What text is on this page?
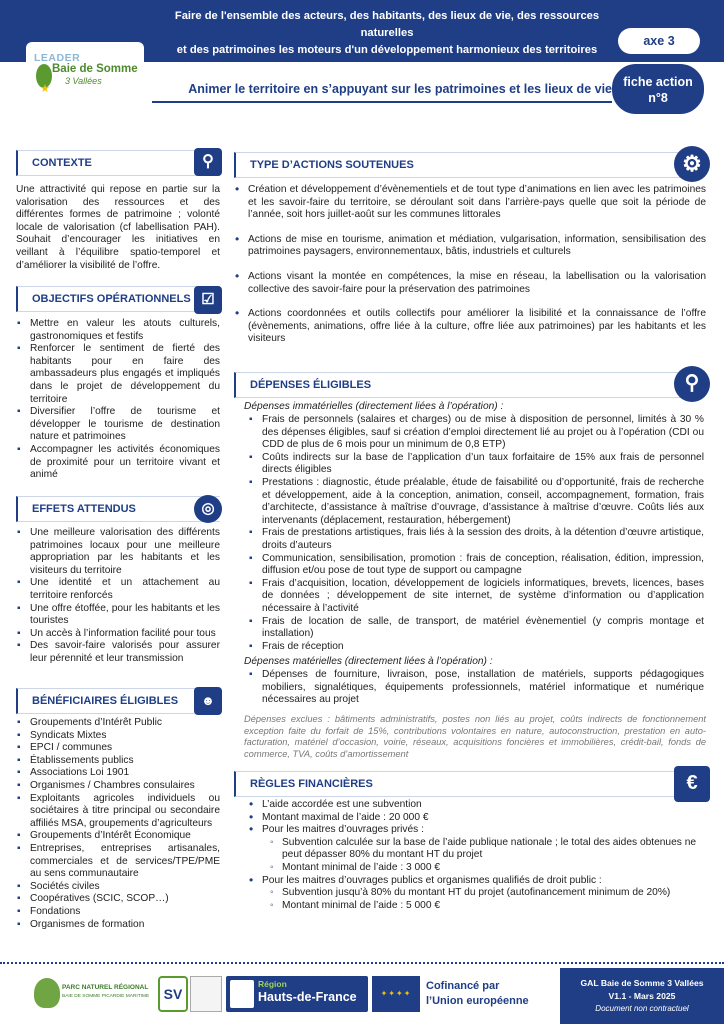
Faire de l'ensemble des acteurs, des habitants, des lieux de vie, des ressources naturelles
et des patrimoines les moteurs d'un développement harmonieux des territoires
axe 3
LEADER
Baie de Somme
3 Vallées
★	Animer le territoire en s’appuyant sur les patrimoines et les lieux de vie fiche action
n°8
CONTEXTE	⚲
Une attractivité qui repose en partie sur la valorisation des ressources et des différentes formes de patrimoine ; volonté locale de valorisation (cf labellisation PAH). Souhait d’encourager les initiatives en veillant à l’équilibre spatio-temporel et d’améliorer la visibilité de l’offre.
OBJECTIFS OPÉRATIONNELS ☑
▪ Mettre en valeur les atouts culturels, gastronomiques et festifs
▪ Renforcer le sentiment de fierté des habitants pour en faire des ambassadeurs plus engagés et impliqués dans le projet de développement du territoire
▪ Diversifier l’offre de tourisme et développer le tourisme de destination nature et patrimoines
▪ Accompagner les activités économiques de proximité pour un territoire vivant et animé
EFFETS ATTENDUS	◎
▪ Une meilleure valorisation des différents patrimoines locaux pour une meilleure appropriation par les habitants et les visiteurs du territoire
▪ Une identité et un attachement au territoire renforcés
▪ Une offre étoffée, pour les habitants et les touristes
▪ Un accès à l’information facilité pour tous
▪ Des savoir-faire valorisés pour assurer leur pérennité et leur transmission
BÉNÉFICIAIRES ÉLIGIBLES	☻
▪ Groupements d’Intérêt Public
▪ Syndicats Mixtes
▪ EPCI / communes
▪ Établissements publics
▪ Associations Loi 1901
▪ Organismes / Chambres consulaires
▪ Exploitants agricoles individuels ou sociétaires à titre principal ou secondaire affiliés MSA, groupements d’agriculteurs
▪ Groupements d’Intérêt Économique
▪ Entreprises, entreprises artisanales, commerciales et de services/TPE/PME au sens communautaire
▪ Sociétés civiles
▪ Coopératives (SCIC, SCOP…)
▪ Fondations
▪ Organismes de formation
TYPE D’ACTIONS SOUTENUES	⚙
• Création et développement d’évènementiels et de tout type d’animations en lien avec les patrimoines et les savoir-faire du territoire, se déroulant soit dans l’arrière-pays quelle que soit la période de l’année, soit hors juillet-août sur les communes littorales
• Actions de mise en tourisme, animation et médiation, vulgarisation, information, sensibilisation des patrimoines paysagers, environnementaux, bâtis, industriels et culturels
• Actions visant la montée en compétences, la mise en réseau, la labellisation ou la valorisation collective des savoir-faire pour la préservation des patrimoines
• Actions coordonnées et outils collectifs pour améliorer la lisibilité et la connaissance de l’offre (évènements, animations, offre liée à la culture, offre liée aux patrimoines) par les habitants et les visiteurs
DÉPENSES ÉLIGIBLES	⚲
Dépenses immatérielles (directement liées à l’opération) :
▪ Frais de personnels (salaires et charges) ou de mise à disposition de personnel, limités à 30 % des dépenses éligibles, sauf si création d’emploi directement lié au projet ou à l’opération (CDI ou CDD de plus de 6 mois pour un minimum de 0,8 ETP)
▪ Coûts indirects sur la base de l’application d’un taux forfaitaire de 15% aux frais de personnel directs éligibles
▪ Prestations : diagnostic, étude préalable, étude de faisabilité ou d’opportunité, frais de recherche et développement, aide à la conception, animation, conseil, accompagnement, formation, frais d’architecte, d’assistance à maîtrise d’ouvrage, d’assistance à maîtrise d’œuvre. Coûts liés aux intervenants (déplacement, restauration, hébergement)
▪ Frais de prestations artistiques, frais liés à la session des droits, à la détention d’œuvre artistique, droits d’auteurs
▪ Communication, sensibilisation, promotion : frais de conception, réalisation, édition, impression, diffusion et/ou pose de tout type de support ou campagne
▪ Frais d’acquisition, location, développement de logiciels informatiques, brevets, licences, bases de données ; développement de site internet, de système d’information ou d’application nécessaire à l’activité
▪ Frais de location de salle, de transport, de matériel évènementiel (y compris montage et installation)
▪ Frais de réception
Dépenses matérielles (directement liées à l’opération) :
▪ Dépenses de fourniture, livraison, pose, installation de matériels, supports pédagogiques mobiliers, signalétiques, équipements professionnels, matériel informatique et numérique nécessaires au projet
Dépenses exclues : bâtiments administratifs, postes non liés au projet, coûts indirects de fonctionnement exception faite du forfait de 15%, contributions volontaires en nature, autoconstruction, prestation en auto-facturation, matériel d’occasion, voirie, réseaux, acquisitions foncières et immobilières, crédit-bail, fonds de commerce, TVA, coûts d’amortissement
RÈGLES FINANCIÈRES	€
• L’aide accordée est une subvention
• Montant maximal de l’aide : 20 000 €
• Pour les maitres d’ouvrages privés :
◦ Subvention calculée sur la base de l’aide publique nationale ; le total des aides obtenues ne peut dépasser 80% du montant HT du projet
◦ Montant minimal de l’aide : 3 000 €
• Pour les maitres d’ouvrages publics et organismes qualifiés de droit public :
◦ Subvention jusqu’à 80% du montant HT du projet (autofinancement minimum de 20%)
◦ Montant minimal de l’aide : 5 000 €
PARC NATUREL RÉGIONAL
BAIE DE SOMME PICARDIE MARITIME	SV
Région
Hauts-de-France	✦✦✦✦
Cofinancé par
l’Union européenne
GAL Baie de Somme 3 Vallées
V1.1 - Mars 2025
Document non contractuel
